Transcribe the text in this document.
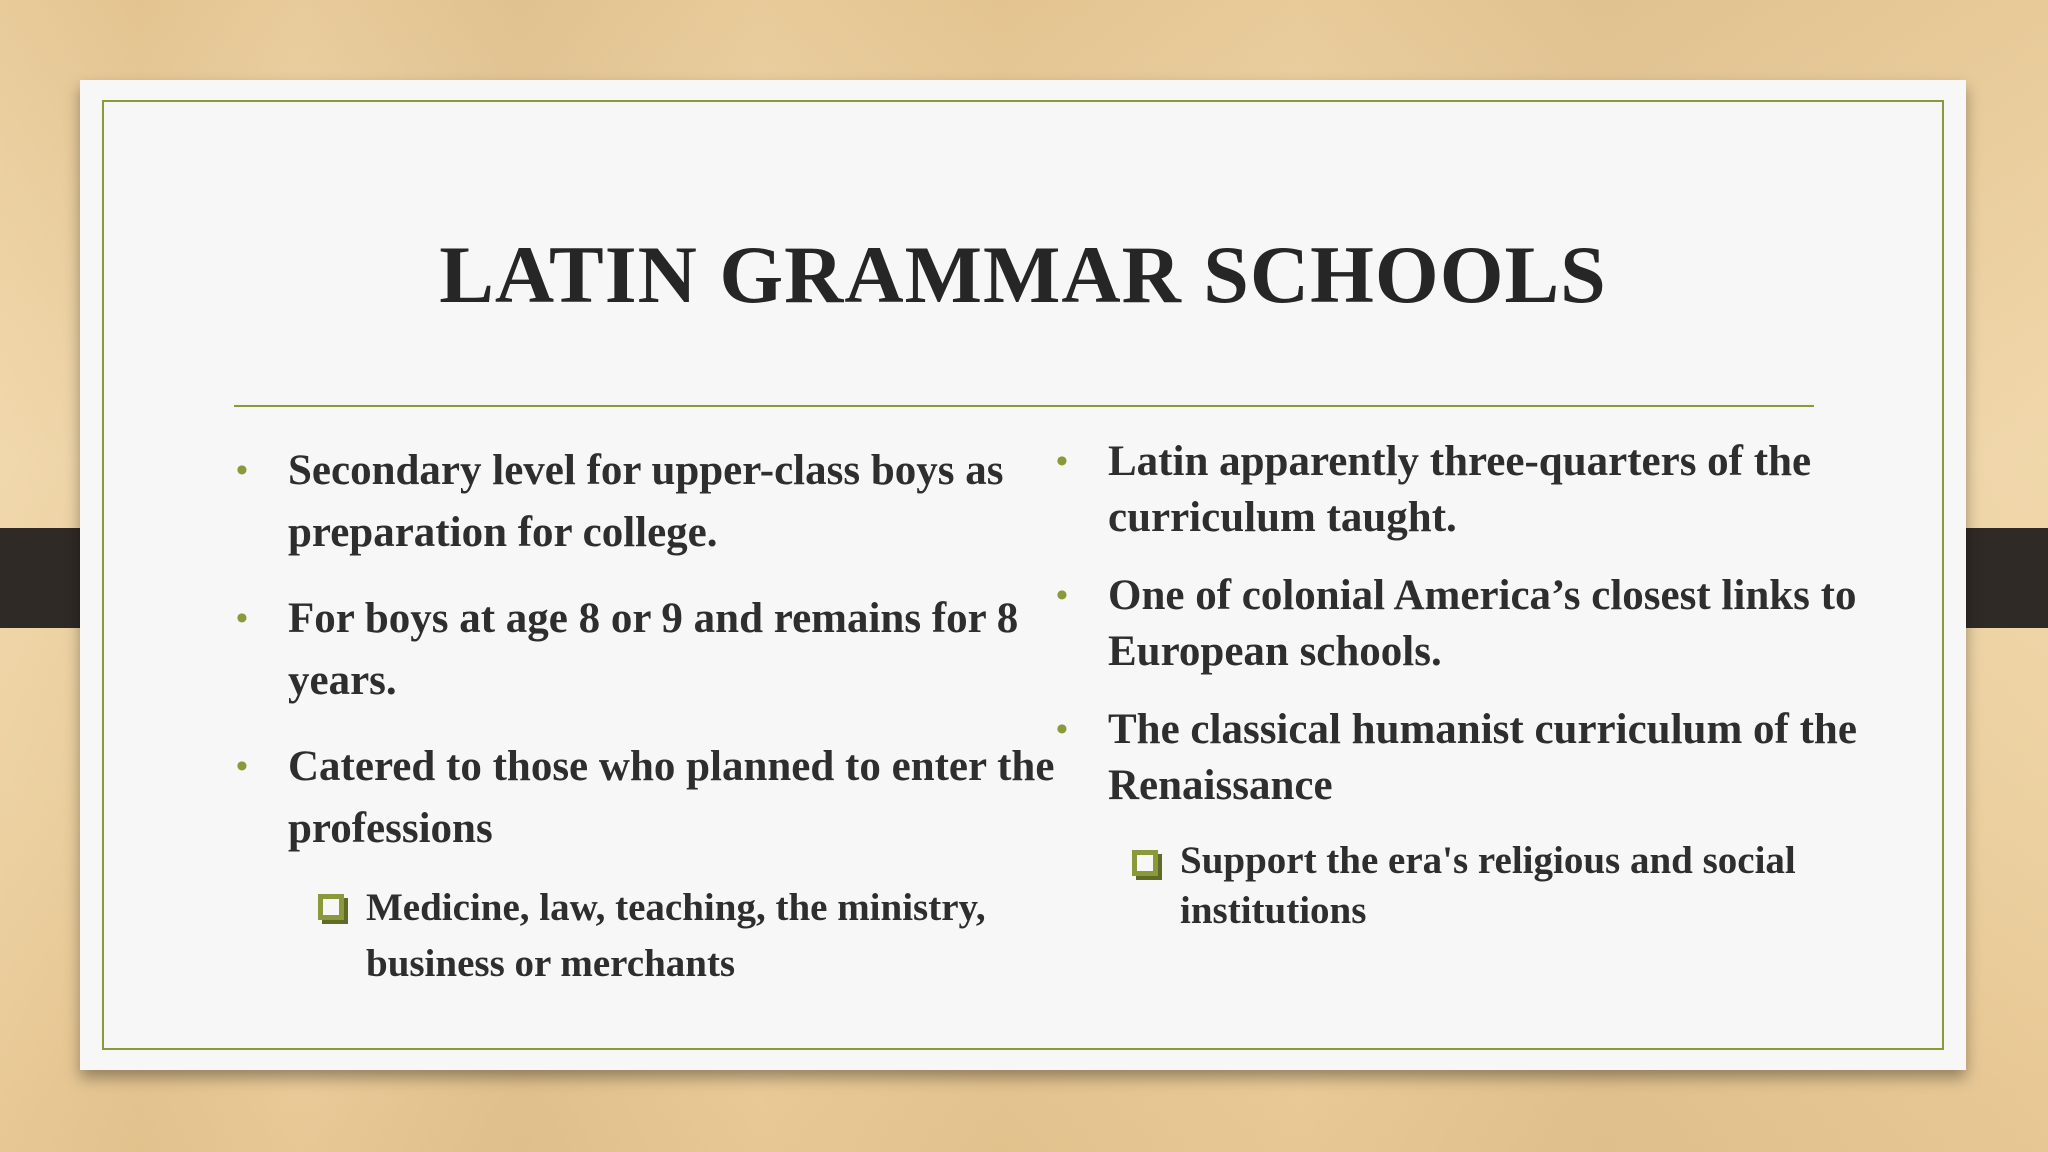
LATIN GRAMMAR SCHOOLS
• Secondary level for upper-class boys as preparation for college.
• For boys at age 8 or 9 and remains for 8 years.
• Catered to those who planned to enter the professions
Medicine, law, teaching, the ministry, business or merchants
• Latin apparently three-quarters of the curriculum taught.
• One of colonial America’s closest links to European schools.
• The classical humanist curriculum of the Renaissance
Support the era's religious and social institutions
